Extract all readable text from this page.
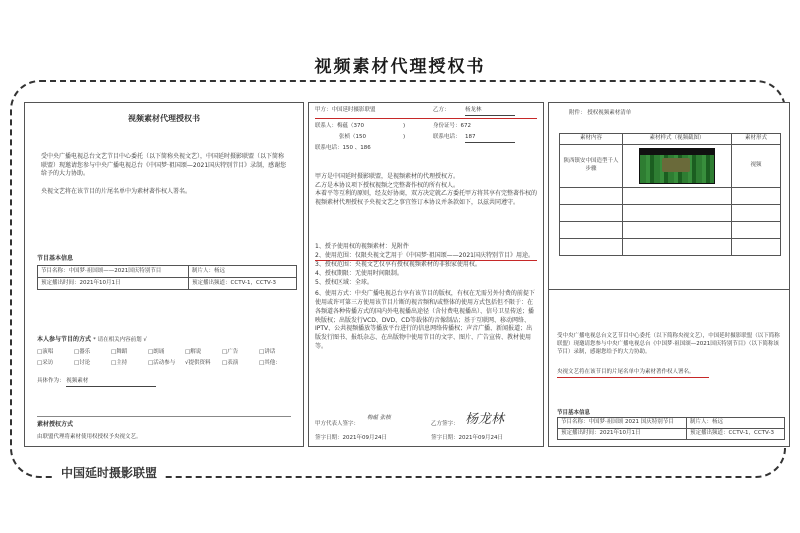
视频素材代理授权书
中国延时摄影联盟
视频素材代理授权书
受中央广播电视总台文艺节目中心委托（以下简称央视文艺），中国延时摄影联盟（以下简称联盟）现邀请您参与中央广播电视总台《中国梦·祖国颂—2021国庆特别节目》录制，感谢您给予的大力协助。
央视文艺将在该节目的片尾名单中为素材著作权人署名。
节目基本信息
节目名称：中国梦·祖国颂——2021国庆特别节目	制片人：杨远
预定播出时间：2021年10月1日	预定播出频道：CCTV-1，CCTV-3
本人参与节目的方式 * 请在相关内容前划 √
□演唱	□器乐	□舞蹈	□朗诵	□解说	□广告	□讲话
□采访	□讨论	□主持	□活动参与	√提供资料	□表演	□其他：
具体作为： 视频素材
素材授权方式
由联盟代理将素材使用权授权予央视文艺。
甲方：中国延时摄影联盟	乙方：	杨龙林
联系人：梅蕴（370	)	身份证号：672
张桢（150	)	联系电话： 187
联系电话：150 、186
甲方是中国延时摄影联盟，是视频素材的代理授权方。
乙方是本协议项下授权视频之完整著作权的所有权人。
本着平等互利的原则，经友好协商，双方决定就乙方委托甲方将其享有完整著作权的视频素材代理授权予央视文艺之事宜签订本协议并条款如下，以兹共同遵守。
1、授予使用权的视频素材：见附件
2、使用范围：仅限央视文艺用于《中国梦·祖国颂——2021国庆特别节目》用途。
3、授权范围：央视文艺仅享有授权视频素材的非独家使用权。
4、授权期限：无使用时间限制。
5、授权区域：全球。
6、使用方式：中央广播电视总台享有该节目的版权，有权在无需另外付费的前提下使用或许可第三方使用该节目片断的视音频和/或整体的使用方式包括但不限于：在各频道各种传播方式的国内外电视播出途径（含付费电视播出）、信号卫星传送；播映版权；出版发行VCD、DVD、CD等载体的音像制品；基于互联网、移动网络、IPTV、公共视频播放等播放平台进行的信息网络传播权；声音广播、新闻报道；出版发行图书、报纸杂志、在出版物中使用节目的文字、图片、广告宣传、教材使用等。
甲方代表人签字：
梅蕴 张桢
签字日期：2021年09月24日
乙方签字： 杨龙林
签字日期：2021年09月24日
附件： 授权视频素材清单
素材内容	素材样式（视频截图）	素材形式
陕西镇安中国造型千人步骤		视频

受中央广播电视总台文艺节目中心委托（以下简称央视文艺），中国延时摄影联盟（以下简称联盟）现邀请您参与中央广播电视总台《中国梦·祖国颂—2021国庆特别节目》（以下简称该节目）录制，感谢您给予的大力协助。
央视文艺将在该节目的片尾名单中为素材著作权人署名。
节目基本信息
节目名称：中国梦·祖国颂 2021 国庆特别节目	制片人：杨远
预定播出时间：2021年10月1日	预定播出频道：CCTV-1，CCTV-3
